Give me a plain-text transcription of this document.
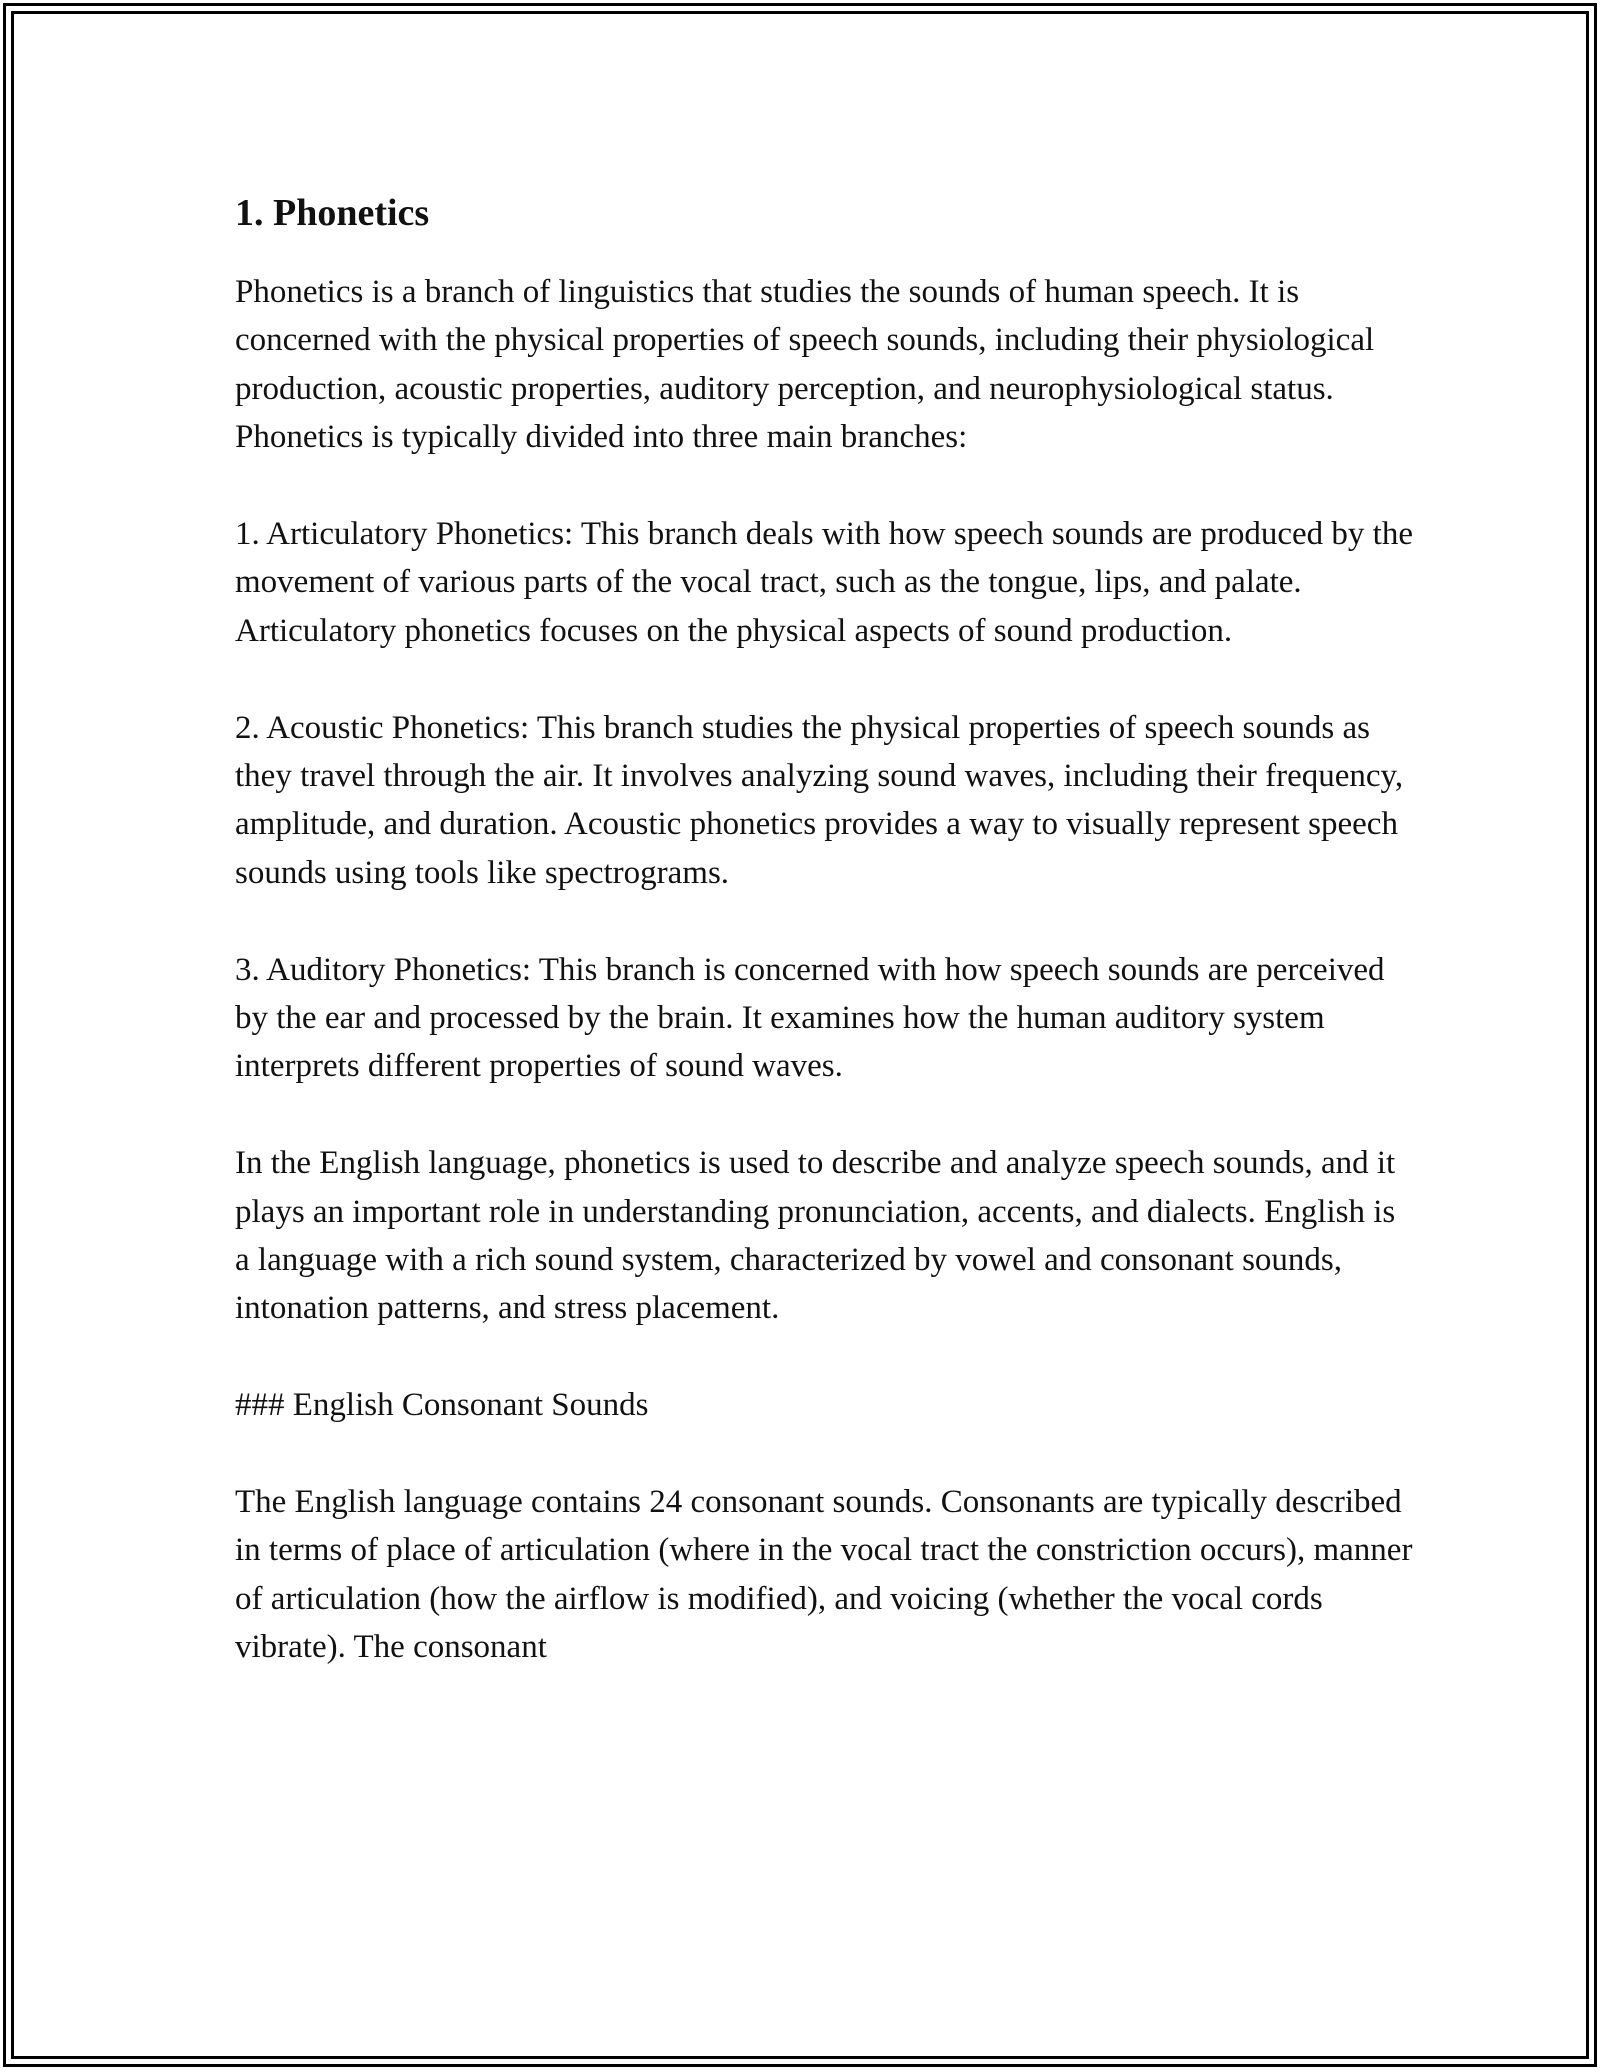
1. Phonetics

Phonetics is a branch of linguistics that studies the sounds of human speech. It is concerned with the physical properties of speech sounds, including their physiological production, acoustic properties, auditory perception, and neurophysiological status. Phonetics is typically divided into three main branches:

1. Articulatory Phonetics: This branch deals with how speech sounds are produced by the movement of various parts of the vocal tract, such as the tongue, lips, and palate. Articulatory phonetics focuses on the physical aspects of sound production.

2. Acoustic Phonetics: This branch studies the physical properties of speech sounds as they travel through the air. It involves analyzing sound waves, including their frequency, amplitude, and duration. Acoustic phonetics provides a way to visually represent speech sounds using tools like spectrograms.

3. Auditory Phonetics: This branch is concerned with how speech sounds are perceived by the ear and processed by the brain. It examines how the human auditory system interprets different properties of sound waves.

In the English language, phonetics is used to describe and analyze speech sounds, and it plays an important role in understanding pronunciation, accents, and dialects. English is a language with a rich sound system, characterized by vowel and consonant sounds, intonation patterns, and stress placement.

### English Consonant Sounds

The English language contains 24 consonant sounds. Consonants are typically described in terms of place of articulation (where in the vocal tract the constriction occurs), manner of articulation (how the airflow is modified), and voicing (whether the vocal cords vibrate). The consonant
